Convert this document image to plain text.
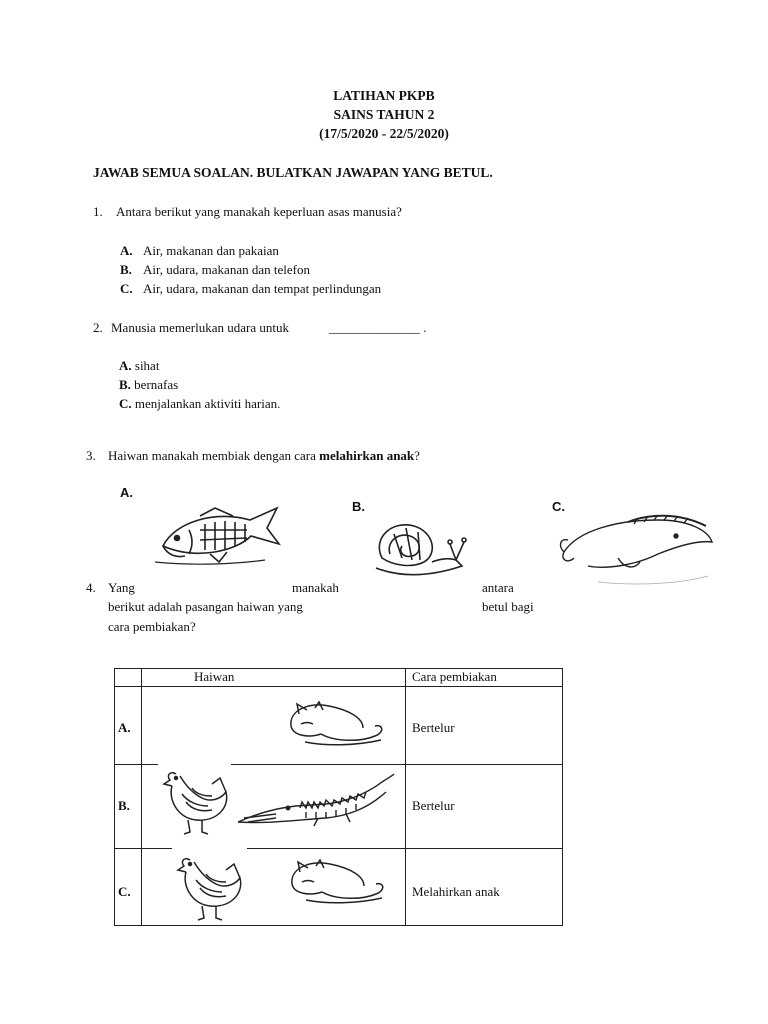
LATIHAN PKPB
SAINS TAHUN 2
(17/5/2020 - 22/5/2020)
JAWAB SEMUA SOALAN. BULATKAN JAWAPAN YANG BETUL.
1. Antara berikut yang manakah keperluan asas manusia?
A. Air, makanan dan pakaian
B. Air, udara, makanan dan telefon
C. Air, udara, makanan dan tempat perlindungan
2. Manusia memerlukan udara untuk	______________ .
A. sihat
B. bernafas
C. menjalankan aktiviti harian.
3. Haiwan manakah membiak dengan cara melahirkan anak?
A.
B.	C.
4. Yang	manakah	antara
berikut adalah pasangan haiwan yang	betul bagi
cara pembiakan?
Haiwan	Cara pembiakan
A.	Bertelur
B.	Bertelur
C.	Melahirkan anak
